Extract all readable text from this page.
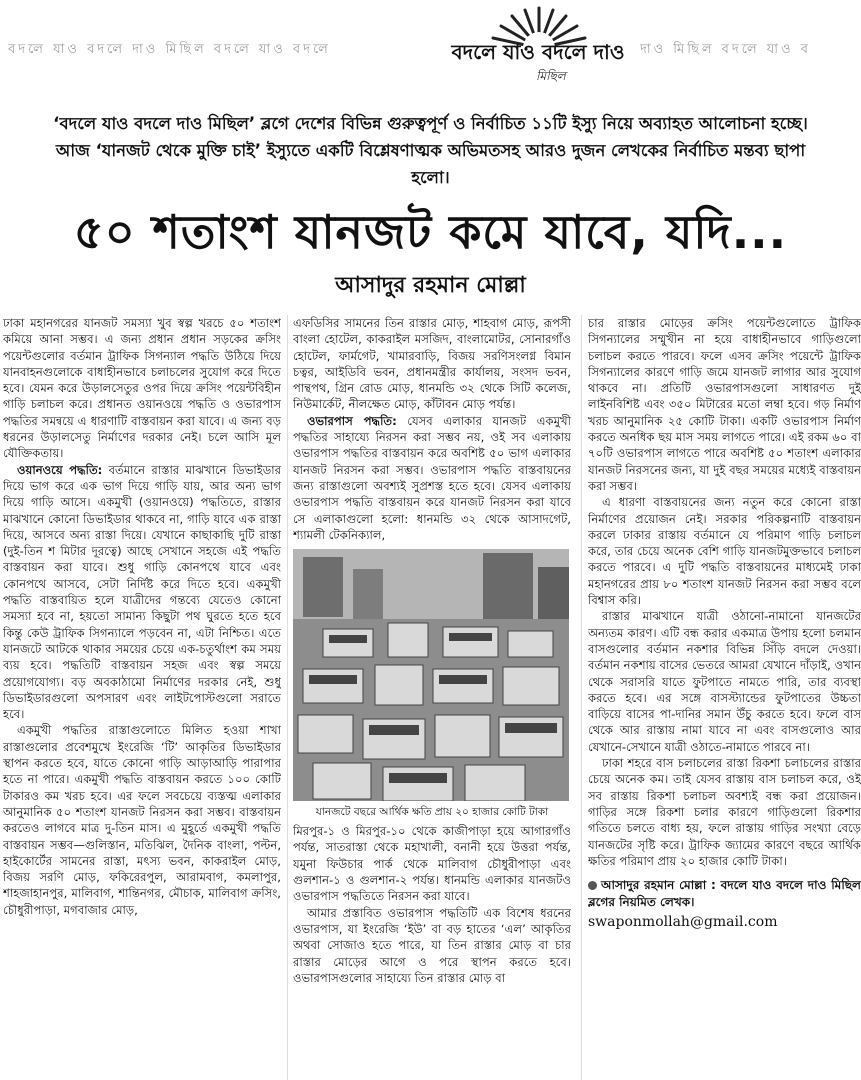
বদলে যাও বদলে দাও মিছিল বদলে যাও বদলে	বদলে যাও বদলে দাও
মিছিল
দাও মিছিল বদলে যাও ব
‘বদলে যাও বদলে দাও মিছিল’ ব্লগে দেশের বিভিন্ন গুরুত্বপূর্ণ ও নির্বাচিত ১১টি ইস্যু নিয়ে অব্যাহত আলোচনা হচ্ছে। আজ ‘যানজট থেকে মুক্তি চাই’ ইস্যুতে একটি বিশ্লেষণাত্মক অভিমতসহ আরও দুজন লেখকের নির্বাচিত মন্তব্য ছাপা হলো।
৫০ শতাংশ যানজট কমে যাবে, যদি...
আসাদুর রহমান মোল্লা

ঢাকা মহানগরের যানজট সমস্যা খুব স্বল্প খরচে ৫০ শতাংশ কমিয়ে আনা সম্ভব। এ জন্য প্রধান প্রধান সড়কের ক্রসিং পয়েন্টগুলোর বর্তমান ট্রাফিক সিগন্যাল পদ্ধতি উঠিয়ে দিয়ে যানবাহনগুলোকে বাধাহীনভাবে চলাচলের সুযোগ করে দিতে হবে। যেমন করে উড়ালসেতুর ওপর দিয়ে ক্রসিং পয়েন্টবিহীন গাড়ি চলাচল করে। প্রধানত ওয়ানওয়ে পদ্ধতি ও ওভারপাস পদ্ধতির সমন্বয়ে এ ধারণাটি বাস্তবায়ন করা যাবে। এ জন্য বড় ধরনের উড়ালসেতু নির্মাণের দরকার নেই। চলে আসি মূল যৌক্তিকতায়।

ওয়ানওয়ে পদ্ধতি: বর্তমানে রাস্তার মাঝখানে ডিভাইডার দিয়ে ভাগ করে এক ভাগ দিয়ে গাড়ি যায়, আর অন্য ভাগ দিয়ে গাড়ি আসে। একমুখী (ওয়ানওয়ে) পদ্ধতিতে, রাস্তার মাঝখানে কোনো ডিভাইডার থাকবে না, গাড়ি যাবে এক রাস্তা দিয়ে, আসবে অন্য রাস্তা দিয়ে। যেখানে কাছাকাছি দুটি রাস্তা (দুই-তিন শ মিটার দূরত্বে) আছে সেখানে সহজে এই পদ্ধতি বাস্তবায়ন করা যাবে। শুধু গাড়ি কোনপথে যাবে এবং কোনপথে আসবে, সেটা নির্দিষ্ট করে দিতে হবে। একমুখী পদ্ধতি বাস্তবায়িত হলে যাত্রীদের গন্তব্যে যেতেও কোনো সমস্যা হবে না, হয়তো সামান্য কিছুটা পথ ঘুরতে হতে হবে কিন্তু কেউ ট্রাফিক সিগন্যালে পড়বেন না, এটা নিশ্চিত। এতে যানজটে আটকে থাকার সময়ের চেয়ে এক-চতুর্থাংশ কম সময় ব্যয় হবে। পদ্ধতিটি বাস্তবায়ন সহজ এবং স্বল্প সময়ে প্রয়োগযোগ্য। বড় অবকাঠামো নির্মাণের দরকার নেই, শুধু ডিভাইডারগুলো অপসারণ এবং লাইটপোস্টগুলো সরাতে হবে।

একমুখী পদ্ধতির রাস্তাগুলোতে মিলিত হওয়া শাখা রাস্তাগুলোর প্রবেশমুখে ইংরেজি ‘টি’ আকৃতির ডিভাইডার স্থাপন করতে হবে, যাতে কোনো গাড়ি আড়াআড়ি পারাপার হতে না পারে। একমুখী পদ্ধতি বাস্তবায়ন করতে ১০০ কোটি টাকারও কম খরচ হবে। এর ফলে সবচেয়ে ব্যস্তত্ম এলাকার আনুমানিক ৫০ শতাংশ যানজট নিরসন করা সম্ভব। বাস্তবায়ন করতেও লাগবে মাত্র দু-তিন মাস। এ মুহূর্তে একমুখী পদ্ধতি বাস্তবায়ন সম্ভব—গুলিস্তান, মতিঝিল, দৈনিক বাংলা, পল্টন, হাইকোর্টের সামনের রাস্তা, মৎস্য ভবন, কাকরাইল মোড়, বিজয় সরণি মোড়, ফকিরেরপুল, আরামবাগ, কমলাপুর, শাহজাহানপুর, মালিবাগ, শান্তিনগর, মৌচাক, মালিবাগ ক্রসিং, চৌধুরীপাড়া, মগবাজার মোড়,

এফডিসির সামনের তিন রাস্তার মোড়, শাহবাগ মোড়, রূপসী বাংলা হোটেল, কাকরাইল মসজিদ, বাংলামোটর, সোনারগাঁও হোটেল, ফার্মগেট, খামারবাড়ি, বিজয় সরণিসংলগ্ন বিমান চত্বর, আইডিবি ভবন, প্রধানমন্ত্রীর কার্যালয়, সংসদ ভবন, পান্থপথ, গ্রিন রোড মোড়, ধানমন্ডি ৩২ থেকে সিটি কলেজ, নিউমার্কেট, নীলক্ষেত মোড়, কাঁটাবন মোড় পর্যন্ত।

ওভারপাস পদ্ধতি: যেসব এলাকার যানজট একমুখী পদ্ধতির সাহায্যে নিরসন করা সম্ভব নয়, ওই সব এলাকায় ওভারপাস পদ্ধতির বাস্তবায়ন করে অবশিষ্ট ৫০ ভাগ এলাকার যানজট নিরসন করা সম্ভব। ওভারপাস পদ্ধতি বাস্তবায়নের জন্য রাস্তাগুলো অবশ্যই সুপ্রশস্ত হতে হবে। যেসব এলাকায় ওভারপাস পদ্ধতি বাস্তবায়ন করে যানজট নিরসন করা যাবে সে এলাকাগুলো হলো: ধানমন্ডি ৩২ থেকে আসাদগেট, শ্যামলী টেকনিক্যাল,

যানজটে বছরে আর্থিক ক্ষতি প্রায় ২০ হাজার কোটি টাকা

মিরপুর-১ ও মিরপুর-১০ থেকে কাজীপাড়া হয়ে আগারগাঁও পর্যন্ত, সাতরাস্তা থেকে মহাখালী, বনানী হয়ে উত্তরা পর্যন্ত, যমুনা ফিউচার পার্ক থেকে মালিবাগ চৌধুরীপাড়া এবং গুলশান-১ ও গুলশান-২ পর্যন্ত। ধানমন্ডি এলাকার যানজটও ওভারপাস পদ্ধতিতে নিরসন করা যাবে।

আমার প্রস্তাবিত ওভারপাস পদ্ধতিটি এক বিশেষ ধরনের ওভারপাস, যা ইংরেজি ‘ইউ’ বা বড় হাতের ‘এল’ আকৃতির অথবা সোজাও হতে পারে, যা তিন রাস্তার মোড় বা চার রাস্তার মোড়ের আগে ও পরে স্থাপন করতে হবে। ওভারপাসগুলোর সাহায্যে তিন রাস্তার মোড় বা

চার রাস্তার মোড়ের ক্রসিং পয়েন্টগুলোতে ট্রাফিক সিগন্যালের সম্মুখীন না হয়ে বাধাহীনভাবে গাড়িগুলো চলাচল করতে পারবে। ফলে এসব ক্রসিং পয়েন্টে ট্রাফিক সিগন্যালের কারণে গাড়ি জমে যানজট লাগার আর সুযোগ থাকবে না। প্রতিটি ওভারপাসগুলো সাধারণত দুই লাইনবিশিষ্ট এবং ৩৫০ মিটারের মতো লম্বা হবে। গড় নির্মাণ খরচ আনুমানিক ২৫ কোটি টাকা। একটি ওভারপাস নির্মাণ করতে অনধিক ছয় মাস সময় লাগতে পারে। এই রকম ৬০ বা ৭০টি ওভারপাস লাগতে পারে অবশিষ্ট ৫০ শতাংশ এলাকার যানজট নিরসনের জন্য, যা দুই বছর সময়ের মধ্যেই বাস্তবায়ন করা সম্ভব।

এ ধারণা বাস্তবায়নের জন্য নতুন করে কোনো রাস্তা নির্মাণের প্রয়োজন নেই। সরকার পরিকল্পনাটি বাস্তবায়ন করলে ঢাকার রাস্তায় বর্তমানে যে পরিমাণ গাড়ি চলাচল করে, তার চেয়ে অনেক বেশি গাড়ি যানজটমুক্তভাবে চলাচল করতে পারবে। এ দুটি পদ্ধতি বাস্তবায়নের মাধ্যমেই ঢাকা মহানগরের প্রায় ৮০ শতাংশ যানজট নিরসন করা সম্ভব বলে বিশ্বাস করি।

রাস্তার মাঝখানে যাত্রী ওঠানো-নামানো যানজটের অন্যতম কারণ। এটি বন্ধ করার একমাত্র উপায় হলো চলমান বাসগুলোর বর্তমান নকশার বিভিন্ন সিঁড়ি বদলে দেওয়া। বর্তমান নকশায় বাসের ভেতরে আমরা যেখানে দাঁড়াই, ওখান থেকে সরাসরি যাতে ফুটপাতে নামতে পারি, তার ব্যবস্থা করতে হবে। এর সঙ্গে বাসস্ট্যান্ডের ফুটপাতের উচ্চতা বাড়িয়ে বাসের পা-দানির সমান উঁচু করতে হবে। ফলে বাস থেকে আর রাস্তায় নামা যাবে না এবং বাসগুলোও আর যেখানে-সেখানে যাত্রী ওঠাতে-নামাতে পারবে না।

ঢাকা শহরে বাস চলাচলের রাস্তা রিকশা চলাচলের রাস্তার চেয়ে অনেক কম। তাই যেসব রাস্তায় বাস চলাচল করে, ওই সব রাস্তায় রিকশা চলাচল অবশ্যই বন্ধ করা প্রয়োজন। গাড়ির সঙ্গে রিকশা চলার কারণে গাড়িগুলো রিকশার গতিতে চলতে বাধ্য হয়, ফলে রাস্তায় গাড়ির সংখ্যা বেড়ে যানজটের সৃষ্টি করে। ট্রাফিক জ্যামের কারণে বছরে আর্থিক ক্ষতির পরিমাণ প্রায় ২০ হাজার কোটি টাকা।

আসাদুর রহমান মোল্লা : বদলে যাও বদলে দাও মিছিল ব্লগের নিয়মিত লেখক।

swaponmollah@gmail.com
